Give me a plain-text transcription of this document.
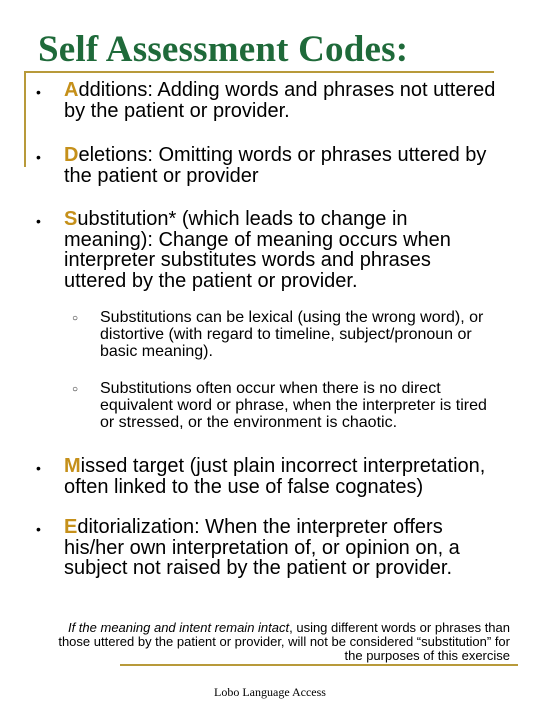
Self Assessment Codes:
• Additions: Adding words and phrases not uttered by the patient or provider.
• Deletions: Omitting words or phrases uttered by the patient or provider
• Substitution* (which leads to change in meaning): Change of meaning occurs when interpreter substitutes words and phrases uttered by the patient or provider.
○ Substitutions can be lexical (using the wrong word), or distortive (with regard to timeline, subject/pronoun or basic meaning).
○ Substitutions often occur when there is no direct equivalent word or phrase, when the interpreter is tired or stressed, or the environment is chaotic.
• Missed target (just plain incorrect interpretation, often linked to the use of false cognates)
• Editorialization: When the interpreter offers his/her own interpretation of, or opinion on, a subject not raised by the patient or provider.
If the meaning and intent remain intact, using different words or phrases than those uttered by the patient or provider, will not be considered “substitution” for the purposes of this exercise
Lobo Language Access
